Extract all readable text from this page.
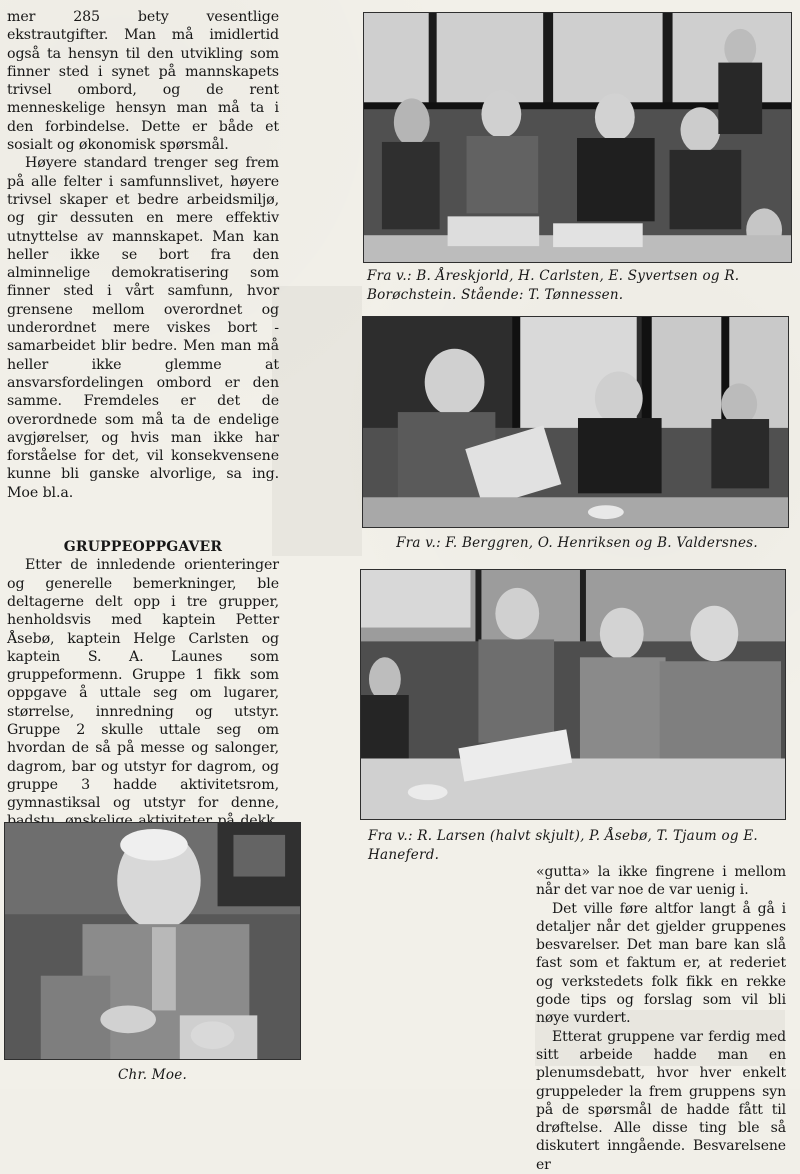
mer 285 bety vesentlige ekstrautgifter. Man må imidlertid også ta hensyn til den utvikling som finner sted i synet på mannskapets trivsel ombord, og de rent menneskelige hensyn man må ta i den forbindelse. Dette er både et sosialt og økonomisk spørsmål.

Høyere standard trenger seg frem på alle felter i samfunnslivet, høyere trivsel skaper et bedre arbeidsmiljø, og gir dessuten en mere effektiv utnyttelse av mannskapet. Man kan heller ikke se bort fra den alminnelige demokratisering som finner sted i vårt samfunn, hvor grensene mellom overordnet og underordnet mere viskes bort - samarbeidet blir bedre. Men man må heller ikke glemme at ansvarsfordelingen ombord er den samme. Fremdeles er det de overordnede som må ta de endelige avgjørelser, og hvis man ikke har forståelse for det, vil konsekvensene kunne bli ganske alvorlige, sa ing. Moe bl.a.

GRUPPEOPPGAVER

Etter de innledende orienteringer og generelle bemerkninger, ble deltagerne delt opp i tre grupper, henholdsvis med kaptein Petter Åsebø, kaptein Helge Carlsten og kaptein S. A. Launes som gruppeformenn. Gruppe 1 fikk som oppgave å uttale seg om lugarer, størrelse, innredning og utstyr. Gruppe 2 skulle uttale seg om hvordan de så på messe og salonger, dagrom, bar og utstyr for dagrom, og gruppe 3 hadde aktivitetsrom, gymnastiksal og utstyr for denne,

Fra v.: B. Åreskjorld, H. Carlsten, E. Syvertsen og R. Borøchstein. Stående: T. Tønnessen.
Fra v.: F. Berggren, O. Henriksen og B. Valdersnes.
Fra v.: R. Larsen (halvt skjult), P. Åsebø, T. Tjaum og E. Haneferd.
Chr. Moe.

«gutta» la ikke fingrene i mellom når det var noe de var uenig i.

Det ville føre altfor langt å gå i detaljer når det gjelder gruppenes besvarelser. Det man bare kan slå fast som et faktum er, at rederiet og verkstedets folk fikk en rekke gode tips og forslag som vil bli nøye vurdert.

Etterat gruppene var ferdig med sitt arbeide hadde man en plenumsdebatt, hvor hver enkelt gruppeleder la frem gruppens syn på de spørsmål de hadde fått til drøftelse. Alle disse ting ble så diskutert inngående. Besvarelsene er
